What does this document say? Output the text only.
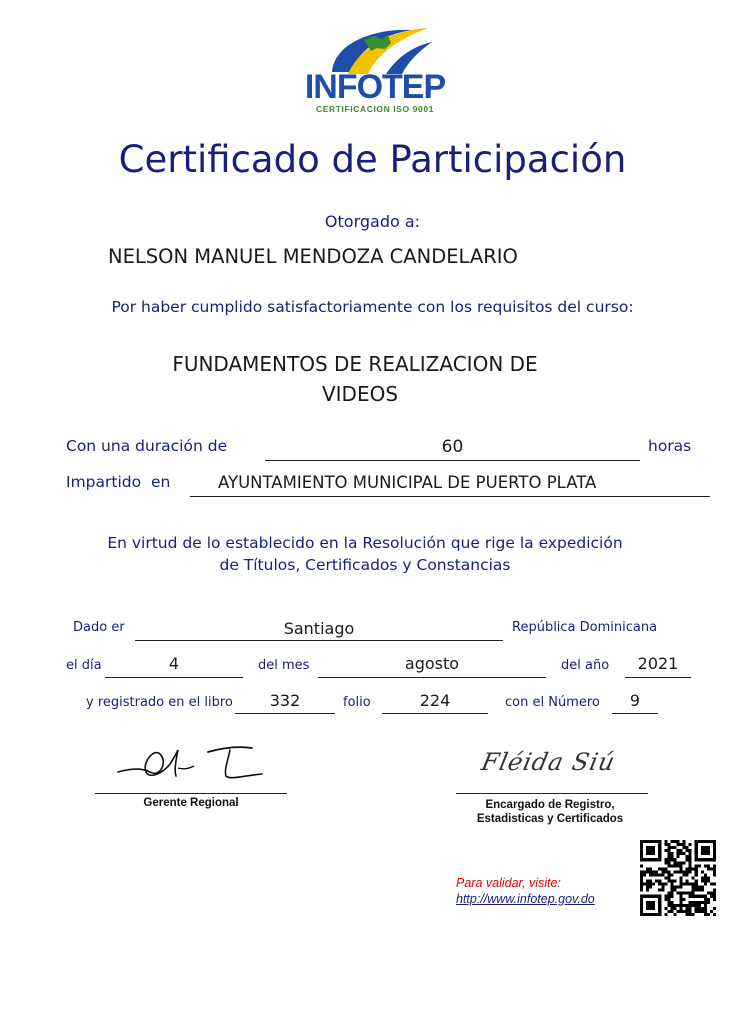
INFOTEP
CERTIFICACION ISO 9001
Certificado de Participación
Otorgado a:
NELSON MANUEL MENDOZA CANDELARIO
Por haber cumplido satisfactoriamente con los requisitos del curso:
FUNDAMENTOS DE REALIZACION DE
VIDEOS
Con una duración de	60	horas
Impartido  en	AYUNTAMIENTO MUNICIPAL DE PUERTO PLATA
En virtud de lo establecido en la Resolución que rige la expedición
de Títulos, Certificados y Constancias
Dado er	Santiago	República Dominicana
el día	4	del mes	agosto	del año	2021
y registrado en el libro	332	folio	224	con el Número	9
Gerente Regional
Fléida Siú
Encargado de Registro,
Estadisticas y Certificados
Para validar, visite:
http://www.infotep.gov.do
